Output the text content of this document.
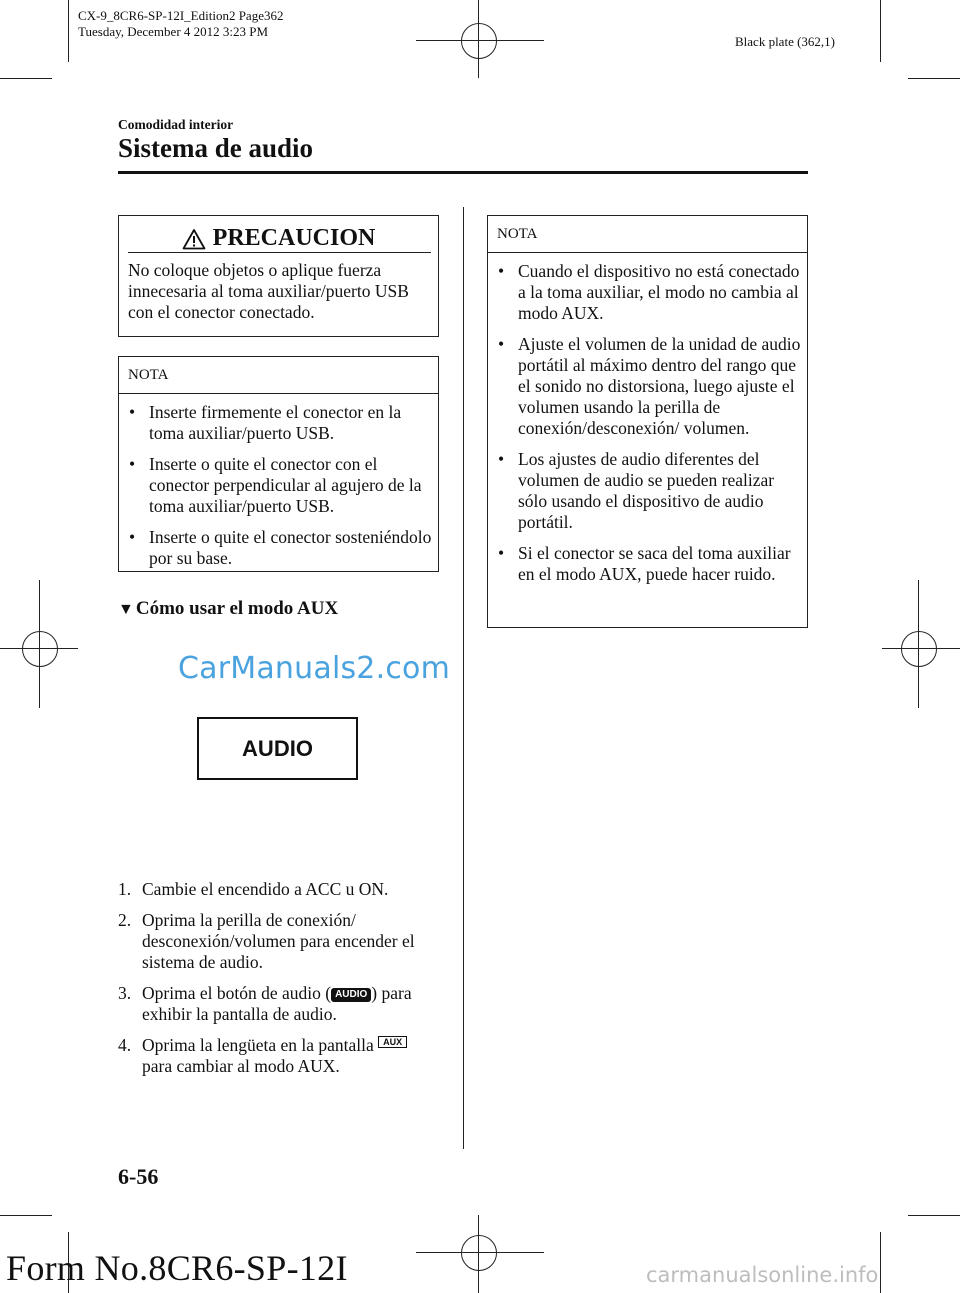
CX-9_8CR6-SP-12I_Edition2 Page362
Tuesday, December 4 2012 3:23 PM
Black plate (362,1)
Comodidad interior
Sistema de audio
PRECAUCION
No coloque objetos o aplique fuerza innecesaria al toma auxiliar/puerto USB con el conector conectado.
NOTA
• Inserte firmemente el conector en la toma auxiliar/puerto USB.
• Inserte o quite el conector con el conector perpendicular al agujero de la toma auxiliar/puerto USB.
• Inserte o quite el conector sosteniéndolo por su base.
▼ Cómo usar el modo AUX
CarManuals2.com
AUDIO
1. Cambie el encendido a ACC u ON.
2. Oprima la perilla de conexión/ desconexión/volumen para encender el sistema de audio.
3. Oprima el botón de audio ( AUDIO ) para exhibir la pantalla de audio.
4. Oprima la lengüeta en la pantalla AUX para cambiar al modo AUX.
NOTA
• Cuando el dispositivo no está conectado a la toma auxiliar, el modo no cambia al modo AUX.
• Ajuste el volumen de la unidad de audio portátil al máximo dentro del rango que el sonido no distorsiona, luego ajuste el volumen usando la perilla de conexión/desconexión/ volumen.
• Los ajustes de audio diferentes del volumen de audio se pueden realizar sólo usando el dispositivo de audio portátil.
• Si el conector se saca del toma auxiliar en el modo AUX, puede hacer ruido.
6-56
Form No.8CR6-SP-12I	carmanualsonline.info
